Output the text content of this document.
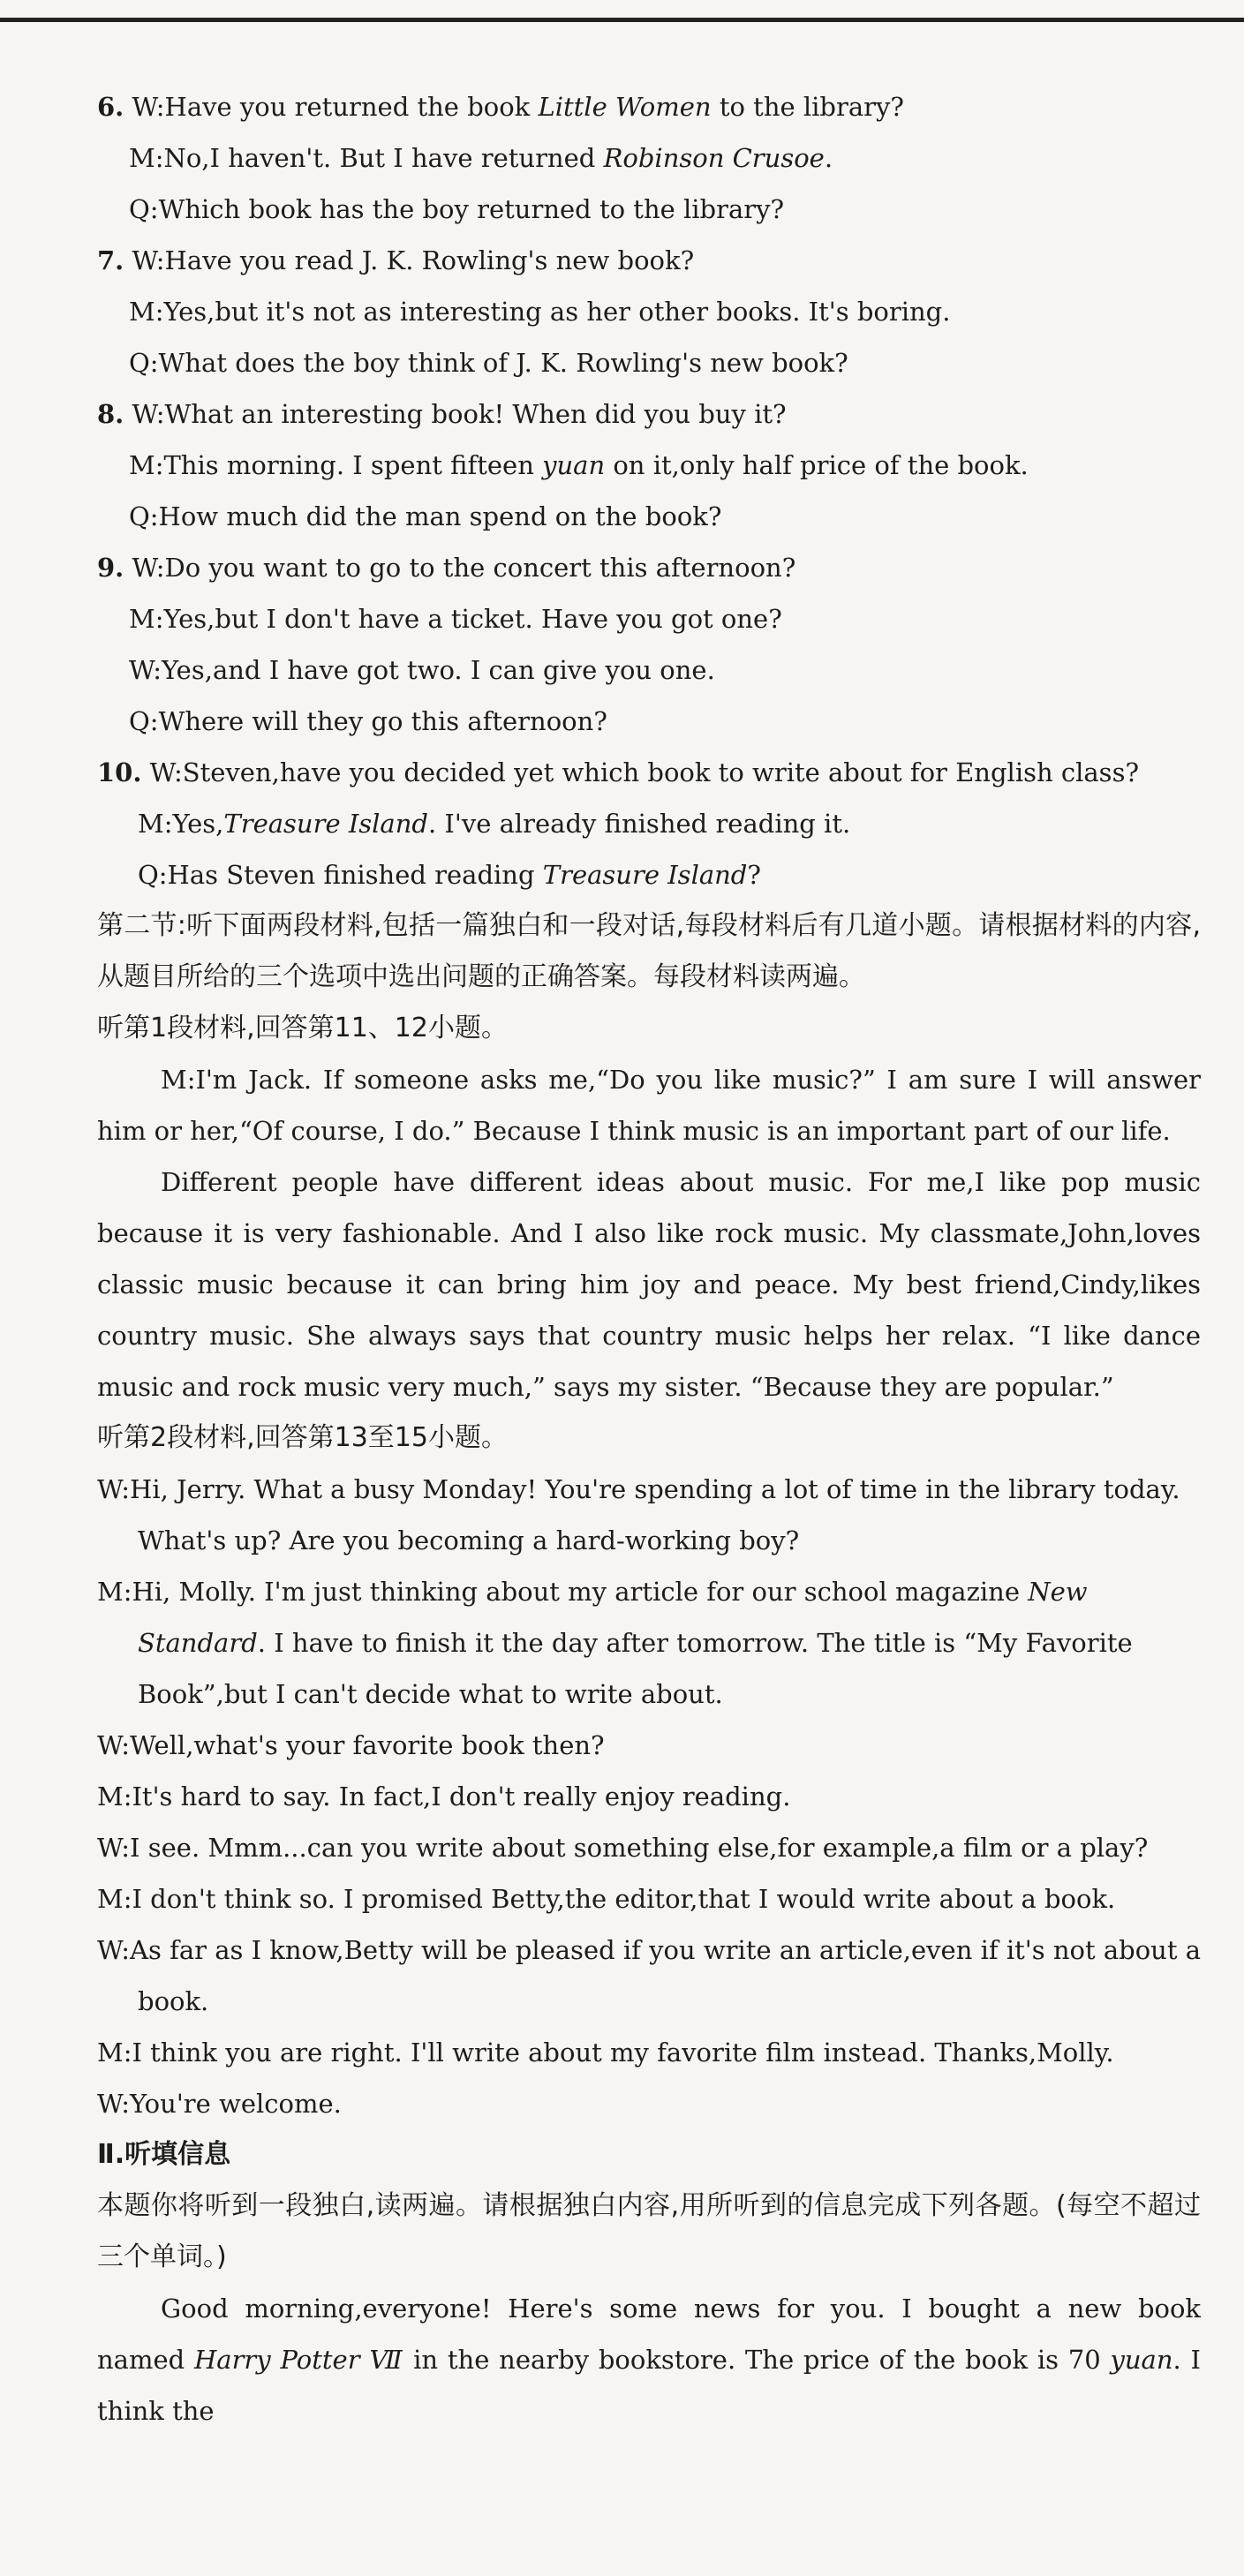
6. W:Have you returned the book Little Women to the library?
M:No,I haven't. But I have returned Robinson Crusoe.
Q:Which book has the boy returned to the library?
7. W:Have you read J. K. Rowling's new book?
M:Yes,but it's not as interesting as her other books. It's boring.
Q:What does the boy think of J. K. Rowling's new book?
8. W:What an interesting book! When did you buy it?
M:This morning. I spent fifteen yuan on it,only half price of the book.
Q:How much did the man spend on the book?
9. W:Do you want to go to the concert this afternoon?
M:Yes,but I don't have a ticket. Have you got one?
W:Yes,and I have got two. I can give you one.
Q:Where will they go this afternoon?
10. W:Steven,have you decided yet which book to write about for English class?
M:Yes,Treasure Island. I've already finished reading it.
Q:Has Steven finished reading Treasure Island?
第二节:听下面两段材料,包括一篇独白和一段对话,每段材料后有几道小题。请根据材料的内容,从题目所给的三个选项中选出问题的正确答案。每段材料读两遍。
听第1段材料,回答第11、12小题。
M:I'm Jack. If someone asks me,“Do you like music?” I am sure I will answer him or her,“Of course, I do.” Because I think music is an important part of our life.
Different people have different ideas about music. For me,I like pop music because it is very fashionable. And I also like rock music. My classmate,John,loves classic music because it can bring him joy and peace. My best friend,Cindy,likes country music. She always says that country music helps her relax. “I like dance music and rock music very much,” says my sister. “Because they are popular.”
听第2段材料,回答第13至15小题。
W:Hi, Jerry. What a busy Monday! You're spending a lot of time in the library today. What's up? Are you becoming a hard-working boy?
M:Hi, Molly. I'm just thinking about my article for our school magazine New Standard. I have to finish it the day after tomorrow. The title is “My Favorite Book”,but I can't decide what to write about.
W:Well,what's your favorite book then?
M:It's hard to say. In fact,I don't really enjoy reading.
W:I see. Mmm...can you write about something else,for example,a film or a play?
M:I don't think so. I promised Betty,the editor,that I would write about a book.
W:As far as I know,Betty will be pleased if you write an article,even if it's not about a book.
M:I think you are right. I'll write about my favorite film instead. Thanks,Molly.
W:You're welcome.
Ⅱ.听填信息
本题你将听到一段独白,读两遍。请根据独白内容,用所听到的信息完成下列各题。(每空不超过三个单词。)
Good morning,everyone! Here's some news for you. I bought a new book named Harry Potter Ⅶ in the nearby bookstore. The price of the book is 70 yuan. I think the
